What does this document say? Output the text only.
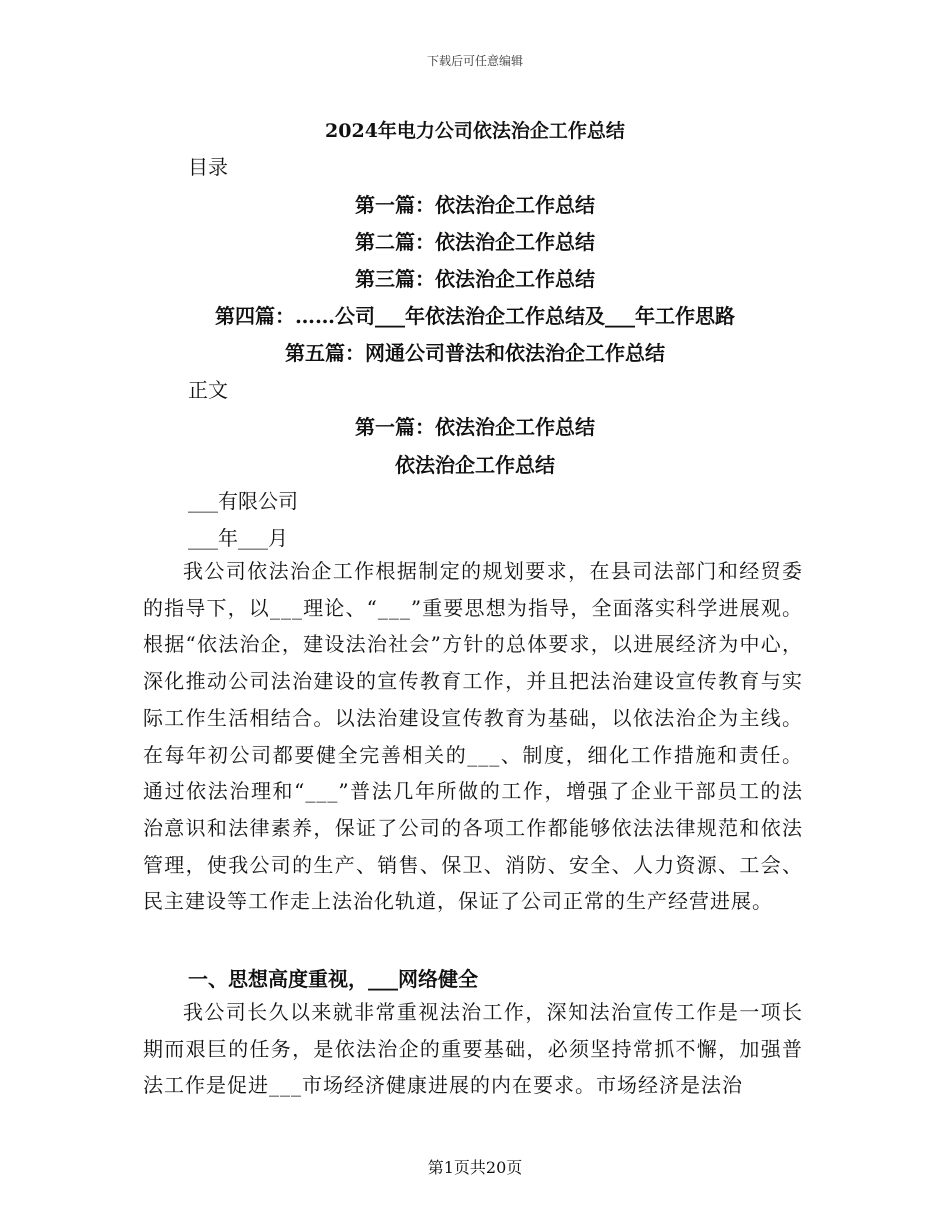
下载后可任意编辑
2024年电力公司依法治企工作总结
目录
第一篇：依法治企工作总结
第二篇：依法治企工作总结
第三篇：依法治企工作总结
第四篇：……公司___年依法治企工作总结及___年工作思路
第五篇：网通公司普法和依法治企工作总结
正文
第一篇：依法治企工作总结
依法治企工作总结
___有限公司
___年___月
我公司依法治企工作根据制定的规划要求，在县司法部门和经贸委的指导下，以___理论、“___”重要思想为指导，全面落实科学进展观。根据“依法治企，建设法治社会”方针的总体要求，以进展经济为中心，深化推动公司法治建设的宣传教育工作，并且把法治建设宣传教育与实际工作生活相结合。以法治建设宣传教育为基础，以依法治企为主线。在每年初公司都要健全完善相关的___、制度，细化工作措施和责任。通过依法治理和“___”普法几年所做的工作，增强了企业干部员工的法治意识和法律素养，保证了公司的各项工作都能够依法法律规范和依法管理，使我公司的生产、销售、保卫、消防、安全、人力资源、工会、民主建设等工作走上法治化轨道，保证了公司正常的生产经营进展。
一、思想高度重视，___网络健全
我公司长久以来就非常重视法治工作，深知法治宣传工作是一项长期而艰巨的任务，是依法治企的重要基础，必须坚持常抓不懈，加强普法工作是促进___市场经济健康进展的内在要求。市场经济是法治
第1页共20页
